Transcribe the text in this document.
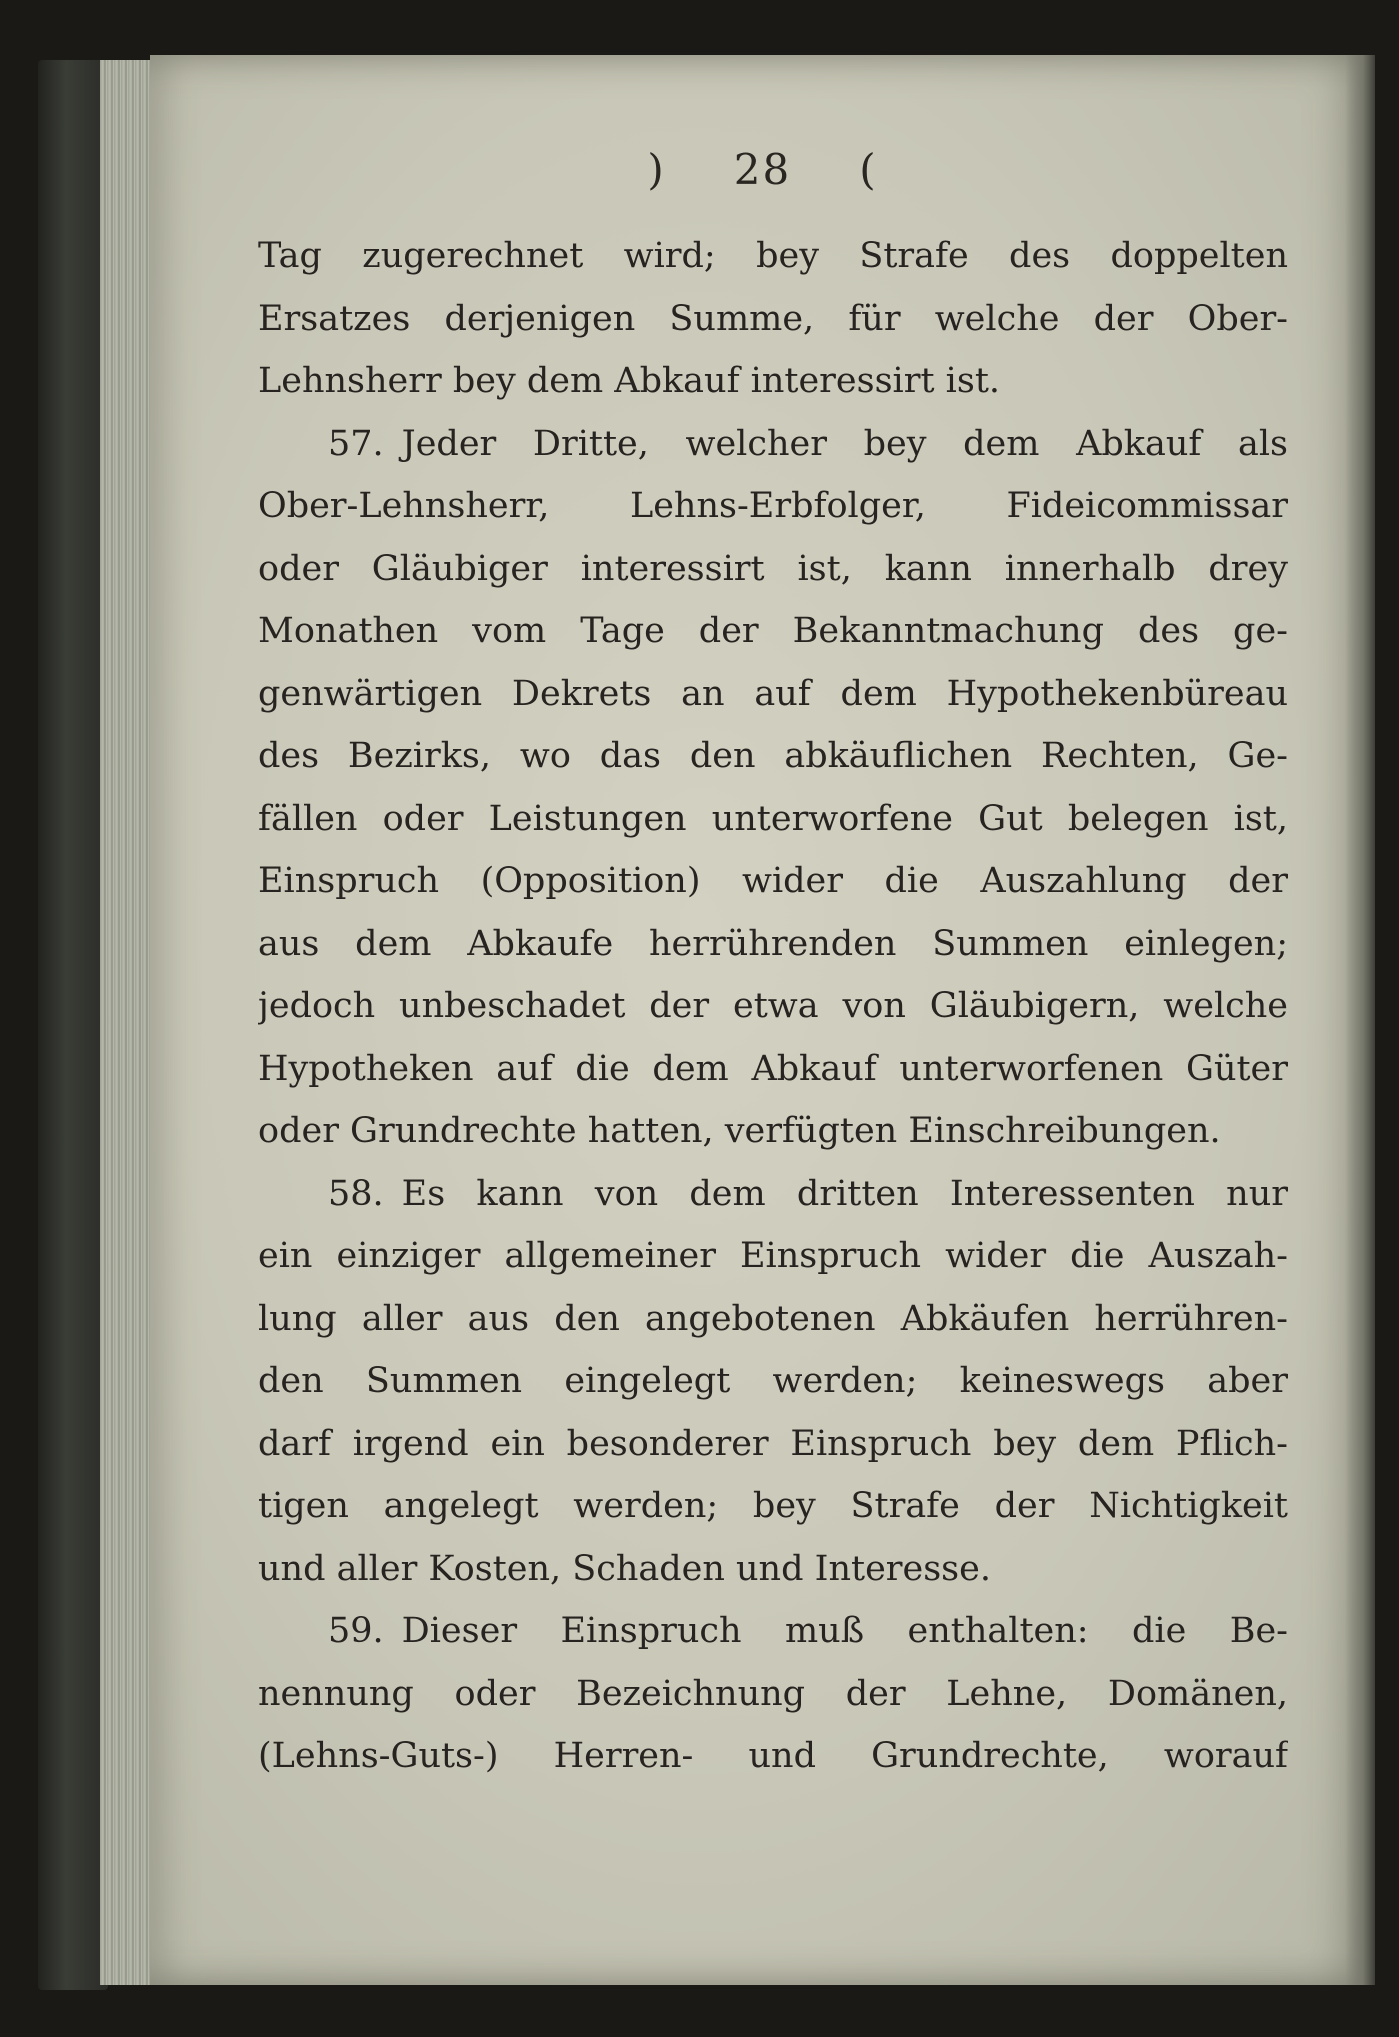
) 28 (
Tag zugerechnet wird; bey Strafe des doppelten
Ersatzes derjenigen Summe, für welche der Ober-
Lehnsherr bey dem Abkauf interessirt ist.
57. Jeder Dritte, welcher bey dem Abkauf als
Ober-Lehnsherr, Lehns-Erbfolger, Fideicommissar
oder Gläubiger interessirt ist, kann innerhalb drey
Monathen vom Tage der Bekanntmachung des ge-
genwärtigen Dekrets an auf dem Hypothekenbüreau
des Bezirks, wo das den abkäuflichen Rechten, Ge-
fällen oder Leistungen unterworfene Gut belegen ist,
Einspruch (Opposition) wider die Auszahlung der
aus dem Abkaufe herrührenden Summen einlegen;
jedoch unbeschadet der etwa von Gläubigern, welche
Hypotheken auf die dem Abkauf unterworfenen Güter
oder Grundrechte hatten, verfügten Einschreibungen.
58. Es kann von dem dritten Interessenten nur
ein einziger allgemeiner Einspruch wider die Auszah-
lung aller aus den angebotenen Abkäufen herrühren-
den Summen eingelegt werden; keineswegs aber
darf irgend ein besonderer Einspruch bey dem Pflich-
tigen angelegt werden; bey Strafe der Nichtigkeit
und aller Kosten, Schaden und Interesse.
59. Dieser Einspruch muß enthalten: die Be-
nennung oder Bezeichnung der Lehne, Domänen,
(Lehns-Guts-) Herren- und Grundrechte, worauf
